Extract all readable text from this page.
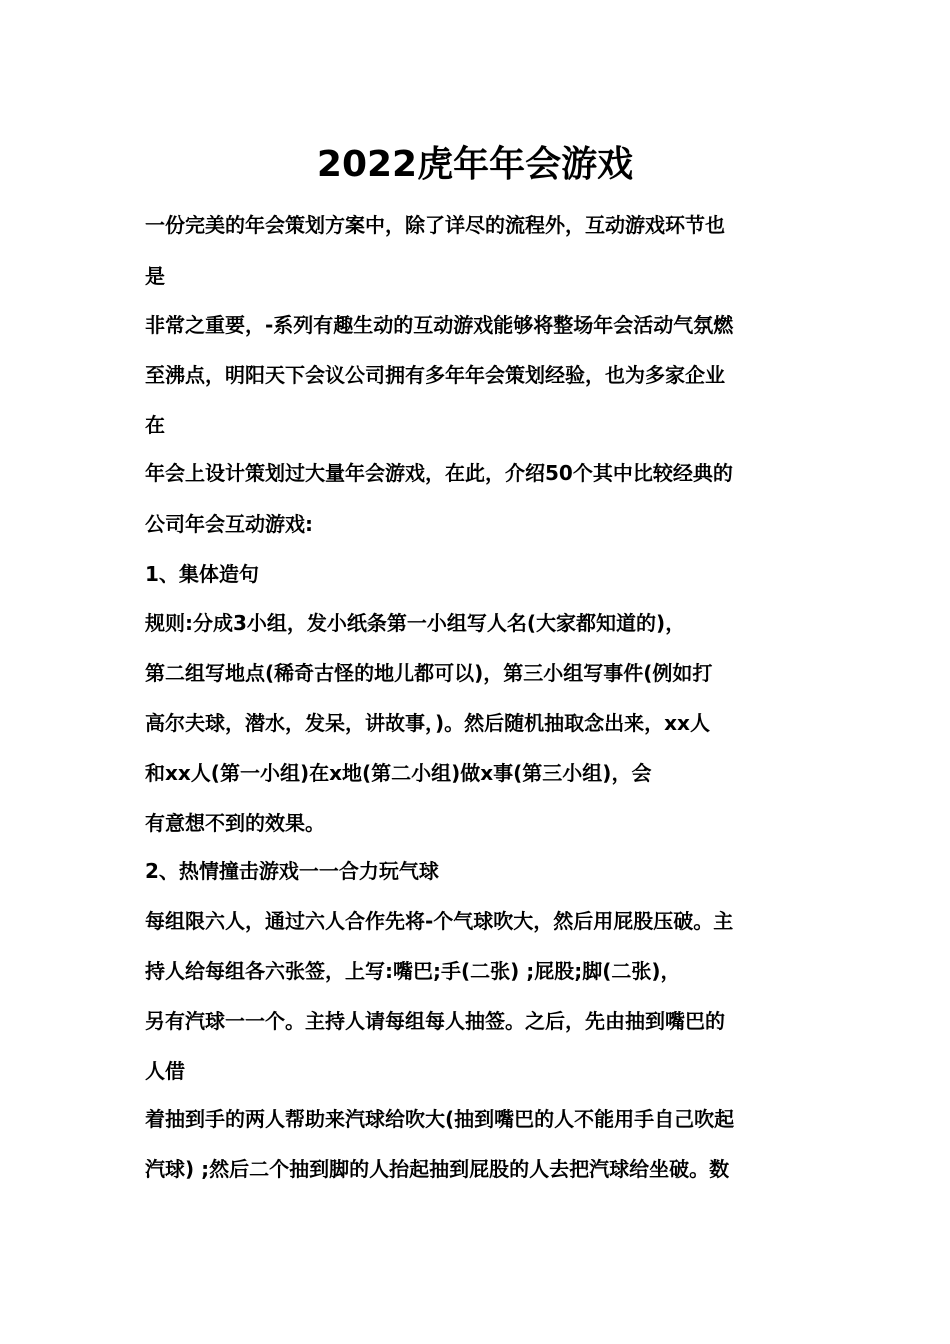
2022虎年年会游戏
一份完美的年会策划方案中，除了详尽的流程外，互动游戏环节也
是
非常之重要，-系列有趣生动的互动游戏能够将整场年会活动气氛燃
至沸点，明阳天下会议公司拥有多年年会策划经验，也为多家企业
在
年会上设计策划过大量年会游戏，在此，介绍50个其中比较经典的
公司年会互动游戏:
1、集体造句
规则:分成3小组，发小纸条第一小组写人名(大家都知道的)，
第二组写地点(稀奇古怪的地儿都可以)，第三小组写事件(例如打
高尔夫球，潜水，发呆，讲故事，)。然后随机抽取念出来，xx人
和xx人(第一小组)在x地(第二小组)做x事(第三小组)，会
有意想不到的效果。
2、热情撞击游戏一一合力玩气球
每组限六人，通过六人合作先将-个气球吹大，然后用屁股压破。主
持人给每组各六张签，上写:嘴巴;手(二张) ;屁股;脚(二张)，
另有汽球一一个。主持人请每组每人抽签。之后，先由抽到嘴巴的
人借
着抽到手的两人帮助来汽球给吹大(抽到嘴巴的人不能用手自己吹起
汽球) ;然后二个抽到脚的人抬起抽到屁股的人去把汽球给坐破。数
